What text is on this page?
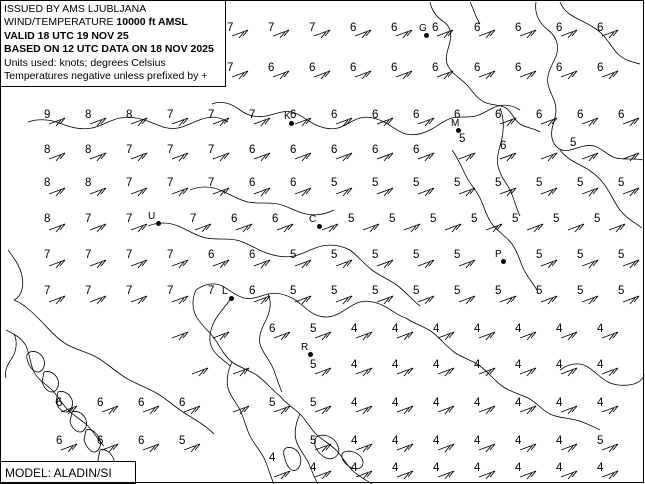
7	7	7	6	6	6	6	6	6	6
7	6	6	6	6	6	6	6	6	6
9	8	8	7	7	7	6	6	6	6	6	6	6	6	6
8	8	7	7	7	6	6	6	6	6
5
6	5
8	8	7	7	7	6	6	5	5	5	5	5	5	5	5
8	7	7	7	6	6	5	5	5	5	5	5	5
7	7	7	7	6	6	5	5	5	5	5	5	5	5
7	7	7	7	7	6	5	5	5	5	5	5	5	5	5
6	5	4	4	4	4	4	4	4
5	4	4	4	4	4	4	4
6	6	6	6	5	5	4	4	4	4	4	4	4
6	6	6	5
4
5	4	4	4	4	4	4	5
4	4	4	4	4	4	4	4
G
K
M
U	C
P
L
R
ISSUED BY AMS LJUBLJANA
WIND/TEMPERATURE 10000 ft AMSL
VALID 18 UTC 19 NOV 25
BASED ON 12 UTC DATA ON 18 NOV 2025
Units used: knots; degrees Celsius
Temperatures negative unless prefixed by +
MODEL: ALADIN/SI
